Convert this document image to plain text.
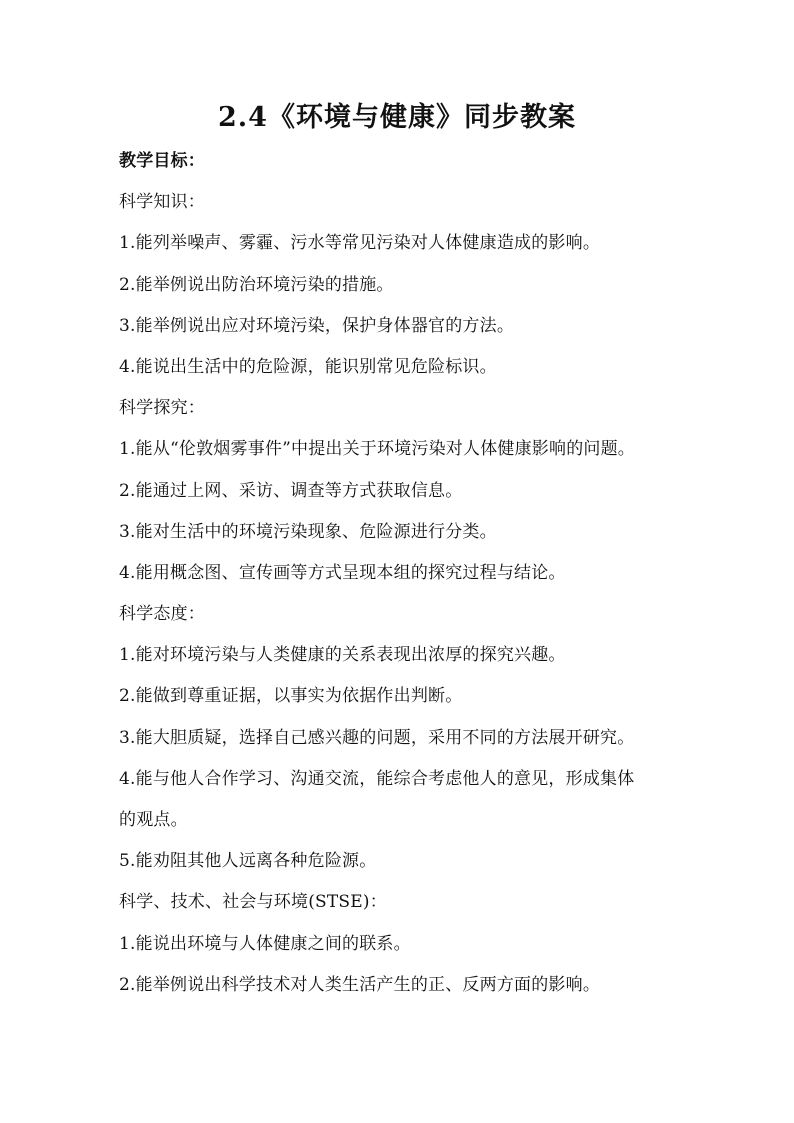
2.4《环境与健康》同步教案
教学目标：
科学知识：
1.能列举噪声、雾霾、污水等常见污染对人体健康造成的影响。
2.能举例说出防治环境污染的措施。
3.能举例说出应对环境污染，保护身体器官的方法。
4.能说出生活中的危险源，能识别常见危险标识。
科学探究：
1.能从“伦敦烟雾事件”中提出关于环境污染对人体健康影响的问题。
2.能通过上网、采访、调查等方式获取信息。
3.能对生活中的环境污染现象、危险源进行分类。
4.能用概念图、宣传画等方式呈现本组的探究过程与结论。
科学态度：
1.能对环境污染与人类健康的关系表现出浓厚的探究兴趣。
2.能做到尊重证据，以事实为依据作出判断。
3.能大胆质疑，选择自己感兴趣的问题，采用不同的方法展开研究。
4.能与他人合作学习、沟通交流，能综合考虑他人的意见，形成集体
的观点。
5.能劝阻其他人远离各种危险源。
科学、技术、社会与环境(STSE)：
1.能说出环境与人体健康之间的联系。
2.能举例说出科学技术对人类生活产生的正、反两方面的影响。
